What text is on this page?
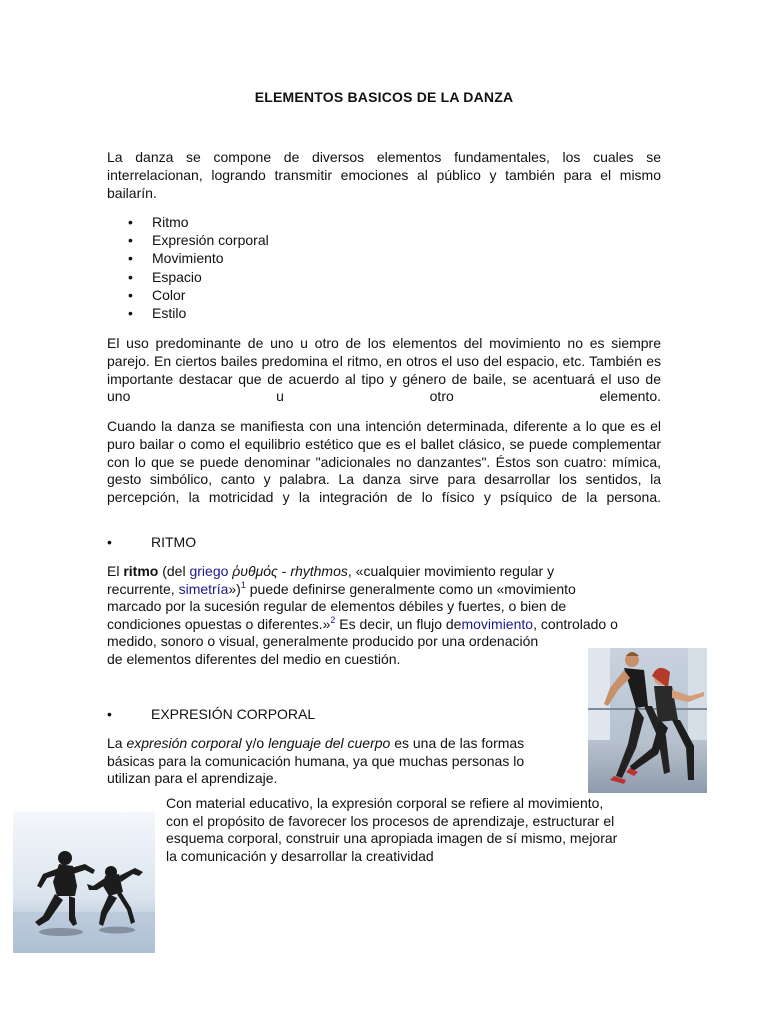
ELEMENTOS BASICOS DE LA DANZA

La danza se compone de diversos elementos fundamentales, los cuales se interrelacionan, logrando transmitir emociones al público y también para el mismo bailarín.

• Ritmo
• Expresión corporal
• Movimiento
• Espacio
• Color
• Estilo

El uso predominante de uno u otro de los elementos del movimiento no es siempre parejo. En ciertos bailes predomina el ritmo, en otros el uso del espacio, etc. También es importante destacar que de acuerdo al tipo y género de baile, se acentuará el uso de uno u otro elemento.

Cuando la danza se manifiesta con una intención determinada, diferente a lo que es el puro bailar o como el equilibrio estético que es el ballet clásico, se puede complementar con lo que se puede denominar "adicionales no danzantes". Éstos son cuatro: mímica, gesto simbólico, canto y palabra. La danza sirve para desarrollar los sentidos, la percepción, la motricidad y la integración de lo físico y psíquico de la persona.

•	RITMO
El ritmo (del griego ῥυθμός - rhythmos, «cualquier movimiento regular y
recurrente, simetría»)$^1$ puede definirse generalmente como un «movimiento
marcado por la sucesión regular de elementos débiles y fuertes, o bien de
condiciones opuestas o diferentes.»$^2$ Es decir, un flujo demovimiento, controlado o
medido, sonoro o visual, generalmente producido por una ordenación
de elementos diferentes del medio en cuestión.
•	EXPRESIÓN CORPORAL
La expresión corporal y/o lenguaje del cuerpo es una de las formas
básicas para la comunicación humana, ya que muchas personas lo
utilizan para el aprendizaje.
Con material educativo, la expresión corporal se refiere al movimiento,
con el propósito de favorecer los procesos de aprendizaje, estructurar el
esquema corporal, construir una apropiada imagen de sí mismo, mejorar
la comunicación y desarrollar la creatividad
